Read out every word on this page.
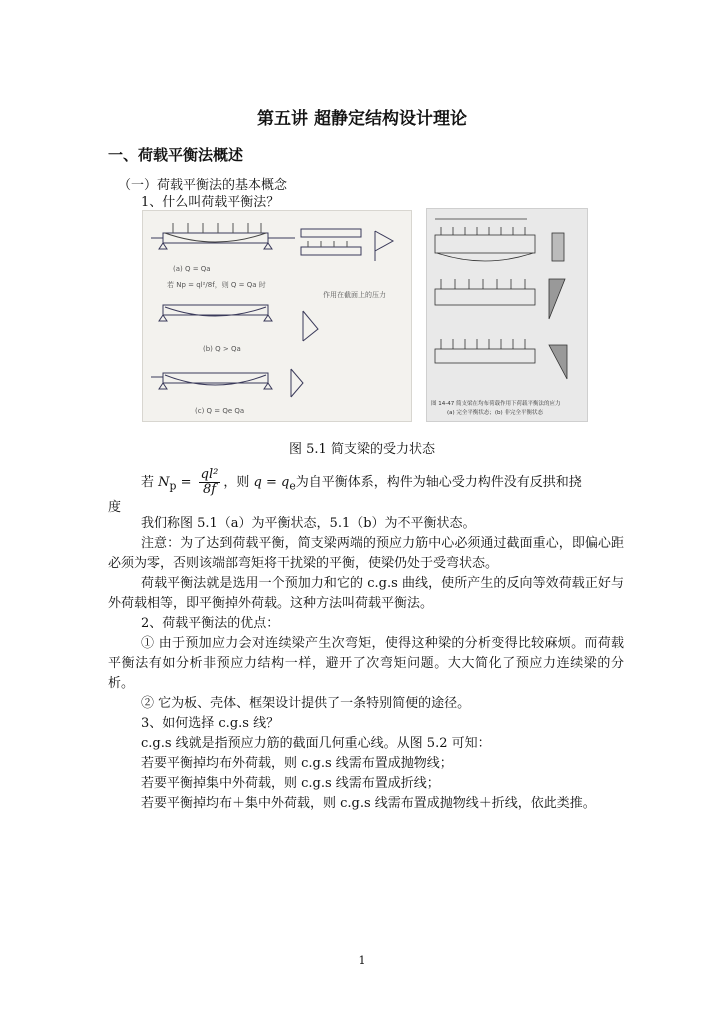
第五讲 超静定结构设计理论
一、荷载平衡法概述
（一）荷载平衡法的基本概念
1、什么叫荷载平衡法？
(a) Q = Qa
若 Np = ql²/8f，则 Q = Qa 时
作用在截面上的压力
(b) Q > Qa
(c) Q = Qe Qa
图 14-47 简支梁在均布荷载作用下荷载平衡法的应力
(a) 完全平衡状态；(b) 非完全平衡状态
图 5.1 简支梁的受力状态
若 $N_p = \frac{\text{ql²}}{8f}$ ，则 $q = q_e$为自平衡体系，构件为轴心受力构件没有反拱和挠
度

我们称图 5.1（a）为平衡状态，5.1（b）为不平衡状态。

注意：为了达到荷载平衡，简支梁两端的预应力筋中心必须通过截面重心，即偏心距必须为零，否则该端部弯矩将干扰梁的平衡，使梁仍处于受弯状态。

荷载平衡法就是选用一个预加力和它的 c.g.s 曲线，使所产生的反向等效荷载正好与外荷载相等，即平衡掉外荷载。这种方法叫荷载平衡法。

2、荷载平衡法的优点：

① 由于预加应力会对连续梁产生次弯矩，使得这种梁的分析变得比较麻烦。而荷载平衡法有如分析非预应力结构一样，避开了次弯矩问题。大大简化了预应力连续梁的分析。

② 它为板、壳体、框架设计提供了一条特别简便的途径。

3、如何选择 c.g.s 线？

c.g.s 线就是指预应力筋的截面几何重心线。从图 5.2 可知：

若要平衡掉均布外荷载，则 c.g.s 线需布置成抛物线；

若要平衡掉集中外荷载，则 c.g.s 线需布置成折线；

若要平衡掉均布＋集中外荷载，则 c.g.s 线需布置成抛物线＋折线，依此类推。

1
